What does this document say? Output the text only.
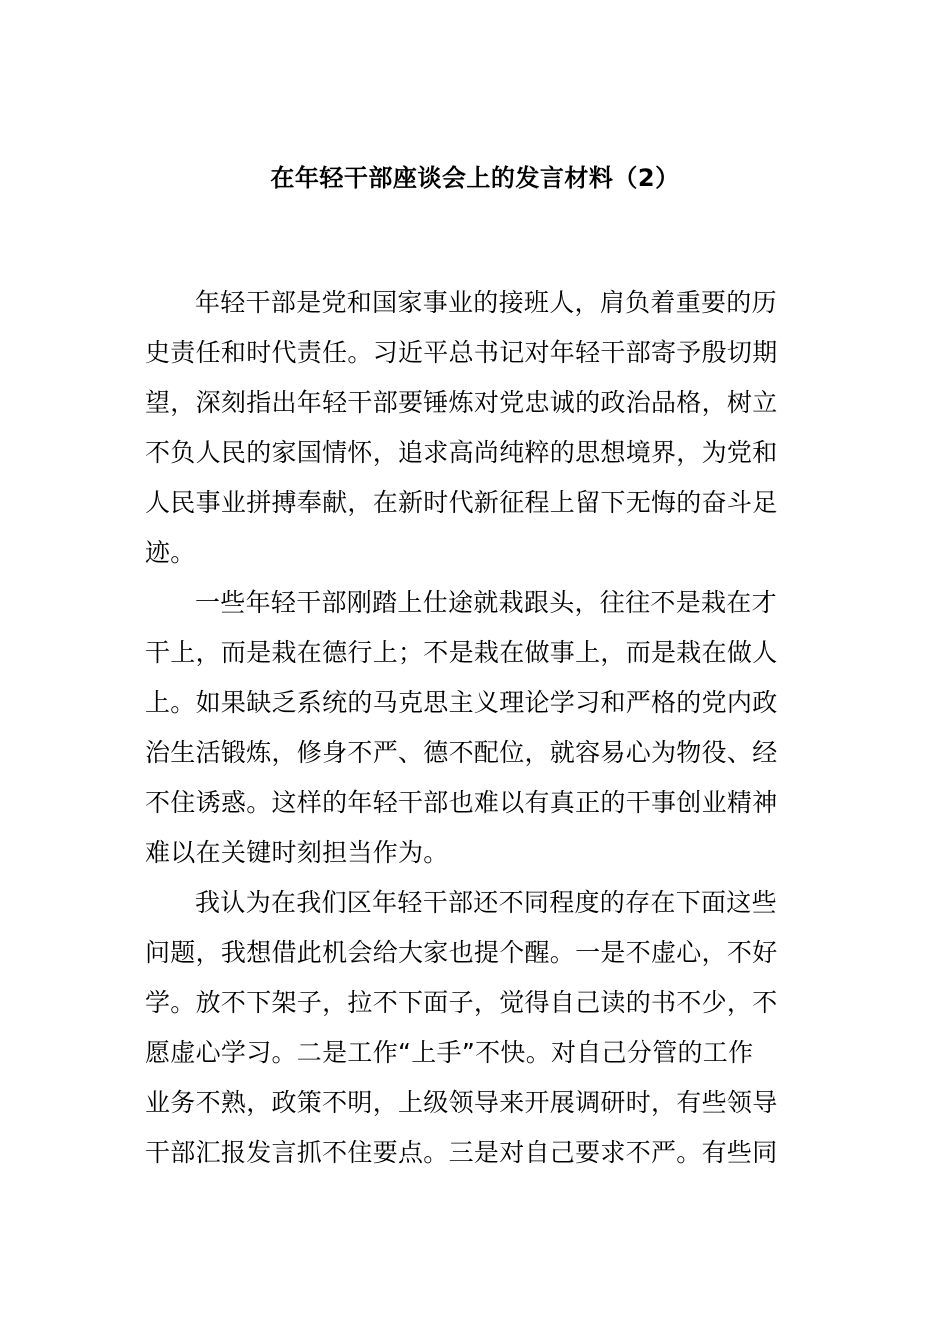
在年轻干部座谈会上的发言材料（2）
年轻干部是党和国家事业的接班人，肩负着重要的历
史责任和时代责任。习近平总书记对年轻干部寄予殷切期
望，深刻指出年轻干部要锤炼对党忠诚的政治品格，树立
不负人民的家国情怀，追求高尚纯粹的思想境界，为党和
人民事业拼搏奉献，在新时代新征程上留下无悔的奋斗足
迹。
一些年轻干部刚踏上仕途就栽跟头，往往不是栽在才
干上，而是栽在德行上；不是栽在做事上，而是栽在做人
上。如果缺乏系统的马克思主义理论学习和严格的党内政
治生活锻炼，修身不严、德不配位，就容易心为物役、经
不住诱惑。这样的年轻干部也难以有真正的干事创业精神
难以在关键时刻担当作为。
我认为在我们区年轻干部还不同程度的存在下面这些
问题，我想借此机会给大家也提个醒。一是不虚心，不好
学。放不下架子，拉不下面子，觉得自己读的书不少，不
愿虚心学习。二是工作“上手”不快。对自己分管的工作
业务不熟，政策不明，上级领导来开展调研时，有些领导
干部汇报发言抓不住要点。三是对自己要求不严。有些同
